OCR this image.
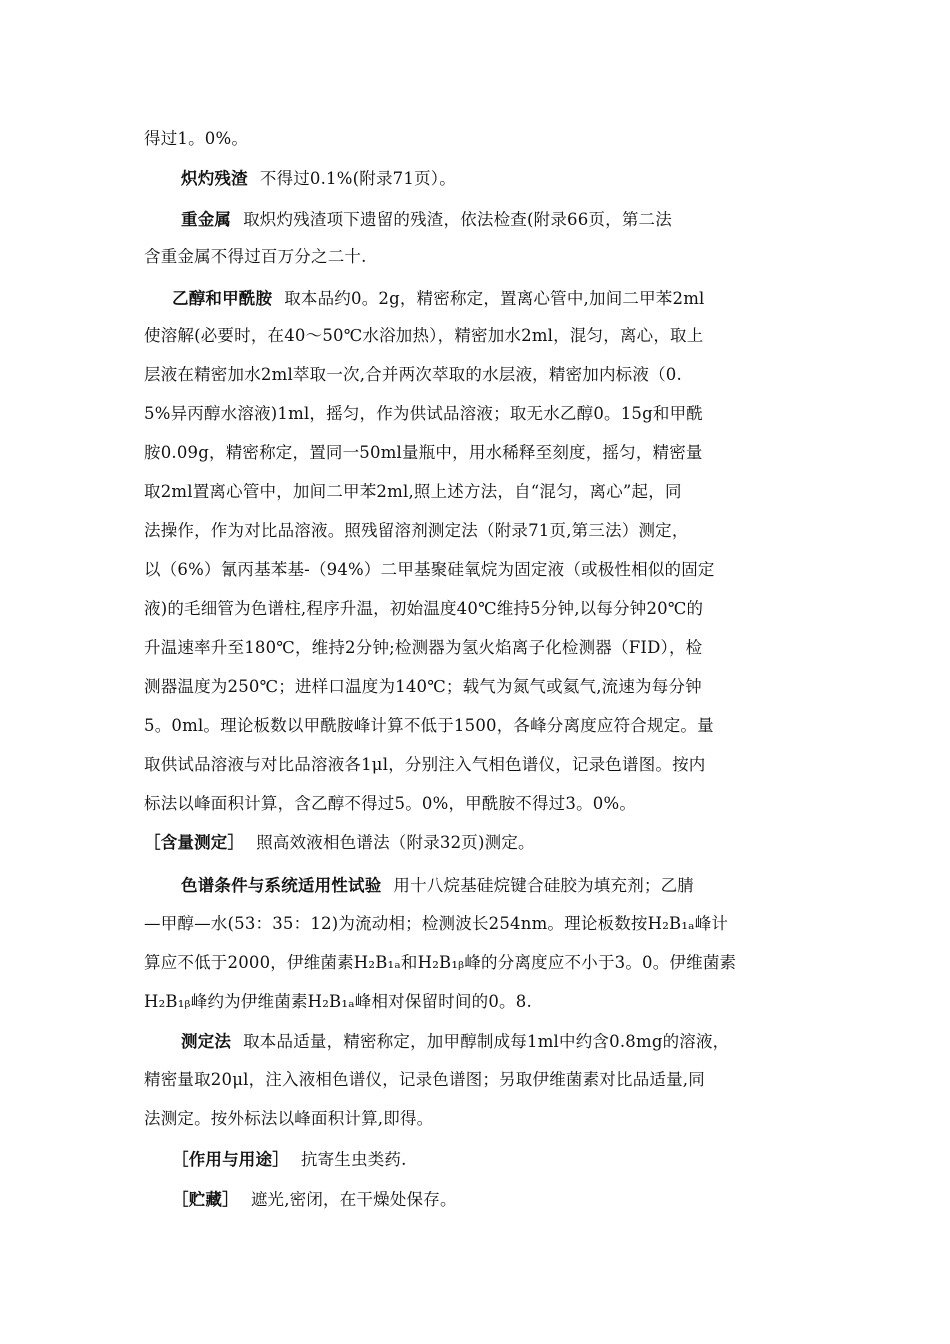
得过1。0%。
炽灼残渣 不得过0.1%(附录71页）。
重金属 取炽灼残渣项下遗留的残渣，依法检查(附录66页，第二法
含重金属不得过百万分之二十.
乙醇和甲酰胺 取本品约0。2g，精密称定，置离心管中,加间二甲苯2ml
使溶解(必要时，在40～50℃水浴加热），精密加水2ml，混匀，离心，取上
层液在精密加水2ml萃取一次,合并两次萃取的水层液，精密加内标液（0.
5%异丙醇水溶液)1ml，摇匀，作为供试品溶液；取无水乙醇0。15g和甲酰
胺0.09g，精密称定，置同一50ml量瓶中，用水稀释至刻度，摇匀，精密量
取2ml置离心管中，加间二甲苯2ml,照上述方法，自“混匀，离心”起，同
法操作，作为对比品溶液。照残留溶剂测定法（附录71页,第三法）测定，
以（6%）氰丙基苯基-（94%）二甲基聚硅氧烷为固定液（或极性相似的固定
液)的毛细管为色谱柱,程序升温，初始温度40℃维持5分钟,以每分钟20℃的
升温速率升至180℃，维持2分钟;检测器为氢火焰离子化检测器（FID），检
测器温度为250℃；进样口温度为140℃；载气为氮气或氦气,流速为每分钟
5。0ml。理论板数以甲酰胺峰计算不低于1500，各峰分离度应符合规定。量
取供试品溶液与对比品溶液各1μl，分别注入气相色谱仪，记录色谱图。按内
标法以峰面积计算，含乙醇不得过5。0%，甲酰胺不得过3。0%。
［含量测定］ 照高效液相色谱法（附录32页)测定。
色谱条件与系统适用性试验 用十八烷基硅烷键合硅胶为填充剂；乙腈
—甲醇—水(53：35：12)为流动相；检测波长254nm。理论板数按H₂B₁ₐ峰计
算应不低于2000，伊维菌素H₂B₁ₐ和H₂B₁ᵦ峰的分离度应不小于3。0。伊维菌素
H₂B₁ᵦ峰约为伊维菌素H₂B₁ₐ峰相对保留时间的0。8.
测定法 取本品适量，精密称定，加甲醇制成每1ml中约含0.8mg的溶液，
精密量取20μl，注入液相色谱仪，记录色谱图；另取伊维菌素对比品适量,同
法测定。按外标法以峰面积计算,即得。
［作用与用途］ 抗寄生虫类药.
［贮藏］ 遮光,密闭，在干燥处保存。
